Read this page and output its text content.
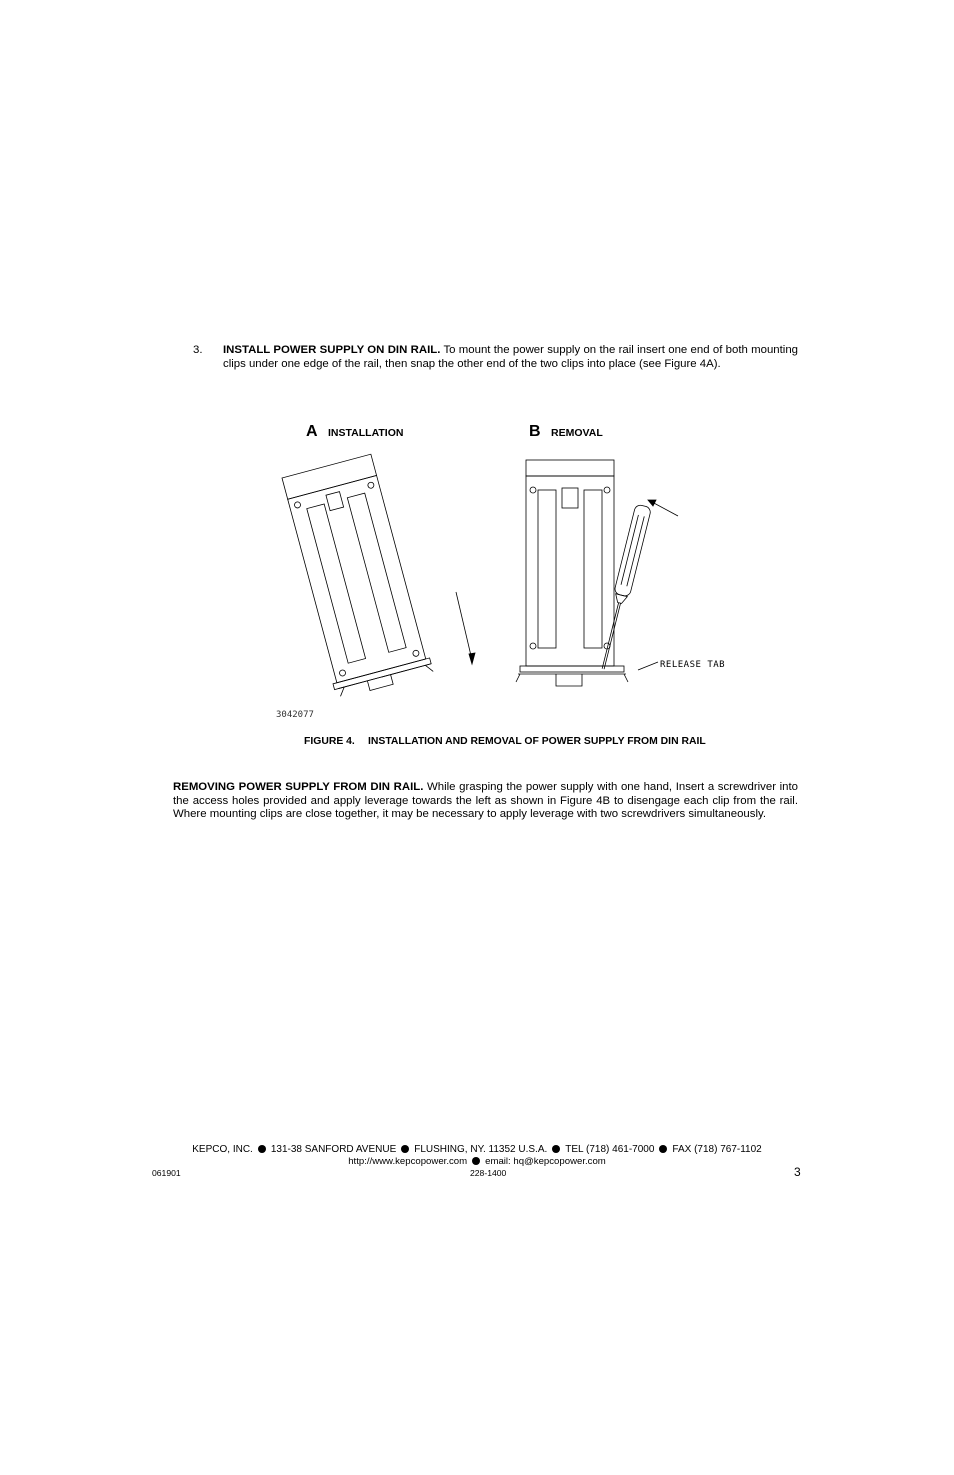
3. INSTALL POWER SUPPLY ON DIN RAIL. To mount the power supply on the rail insert one end of both mounting clips under one edge of the rail, then snap the other end of the two clips into place (see Figure 4A).
A INSTALLATION	B REMOVAL
RELEASE TAB
3042077
FIGURE 4. INSTALLATION AND REMOVAL OF POWER SUPPLY FROM DIN RAIL
REMOVING POWER SUPPLY FROM DIN RAIL. While grasping the power supply with one hand, Insert a screwdriver into the access holes provided and apply leverage towards the left as shown in Figure 4B to disengage each clip from the rail. Where mounting clips are close together, it may be necessary to apply leverage with two screwdrivers simultaneously.
KEPCO, INC. 131-38 SANFORD AVENUE FLUSHING, NY. 11352 U.S.A. TEL (718) 461-7000 FAX (718) 767-1102
http://www.kepcopower.com email: hq@kepcopower.com
061901	228-1400	3
